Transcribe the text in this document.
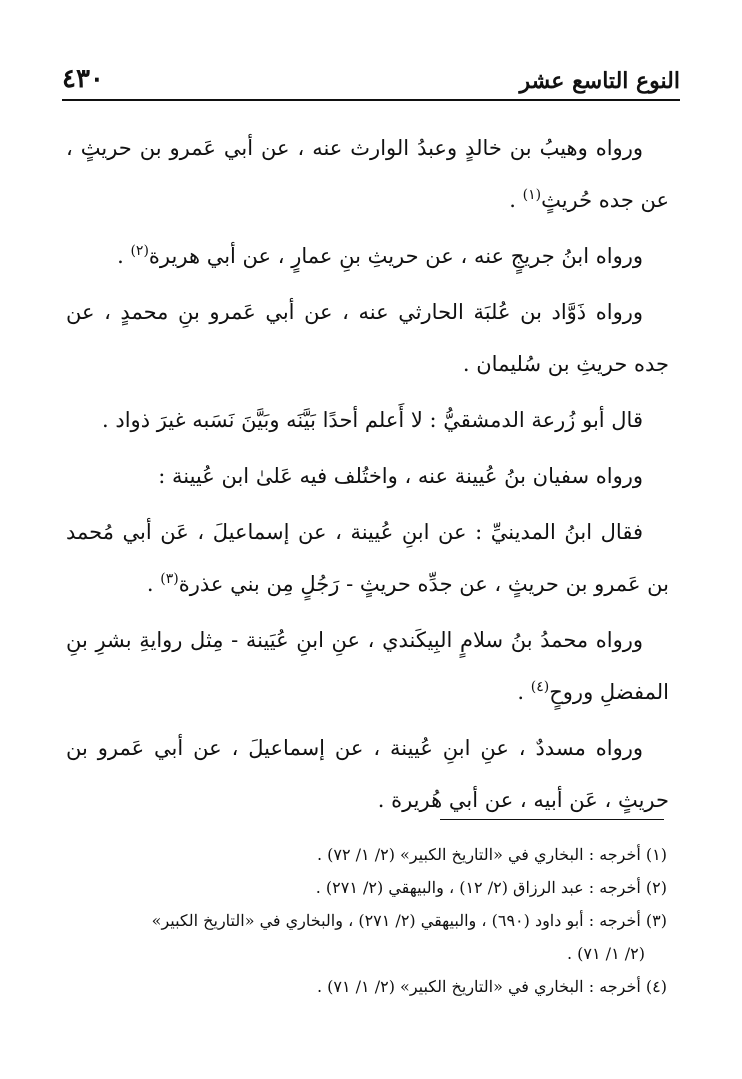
النوع التاسع عشر
٤٣٠

ورواه وهيبُ بن خالدٍ وعبدُ الوارث عنه ، عن أبي عَمرو بن حريثٍ ، عن جده حُريثٍ$^{(١)}$ .

ورواه ابنُ جريجٍ عنه ، عن حريثِ بنِ عمارٍ ، عن أبي هريرة$^{(٢)}$ .

ورواه ذَوَّاد بن عُلبَة الحارثي عنه ، عن أبي عَمرو بنِ محمدٍ ، عن جده حريثِ بن سُليمان .

قال أبو زُرعة الدمشقيُّ : لا أَعلم أحدًا بَيَّنَه وبَيَّنَ نَسَبه غيرَ ذواد .

ورواه سفيان بنُ عُيينة عنه ، واختُلف فيه عَلىٰ ابن عُيينة :

فقال ابنُ المدينيِّ : عن ابنِ عُيينة ، عن إسماعيلَ ، عَن أبي مُحمد بن عَمرو بن حريثٍ ، عن جدِّه حريثٍ - رَجُلٍ مِن بني عذرة$^{(٣)}$ .

ورواه محمدُ بنُ سلامٍ البِيكَندي ، عنِ ابنِ عُيَينة - مِثل روايةِ بشرِ بنِ المفضلِ وروحٍ$^{(٤)}$ .

ورواه مسددٌ ، عنِ ابنِ عُيينة ، عن إسماعيلَ ، عن أبي عَمرو بن حريثٍ ، عَن أبيه ، عن أبي هُريرة .

(١) أخرجه : البخاري في «التاريخ الكبير» (٢/ ١/ ٧٢) .

(٢) أخرجه : عبد الرزاق (٢/ ١٢) ، والبيهقي (٢/ ٢٧١) .

(٣) أخرجه : أبو داود (٦٩٠) ، والبيهقي (٢/ ٢٧١) ، والبخاري في «التاريخ الكبير»

(٢/ ١/ ٧١) .

(٤) أخرجه : البخاري في «التاريخ الكبير» (٢/ ١/ ٧١) .
